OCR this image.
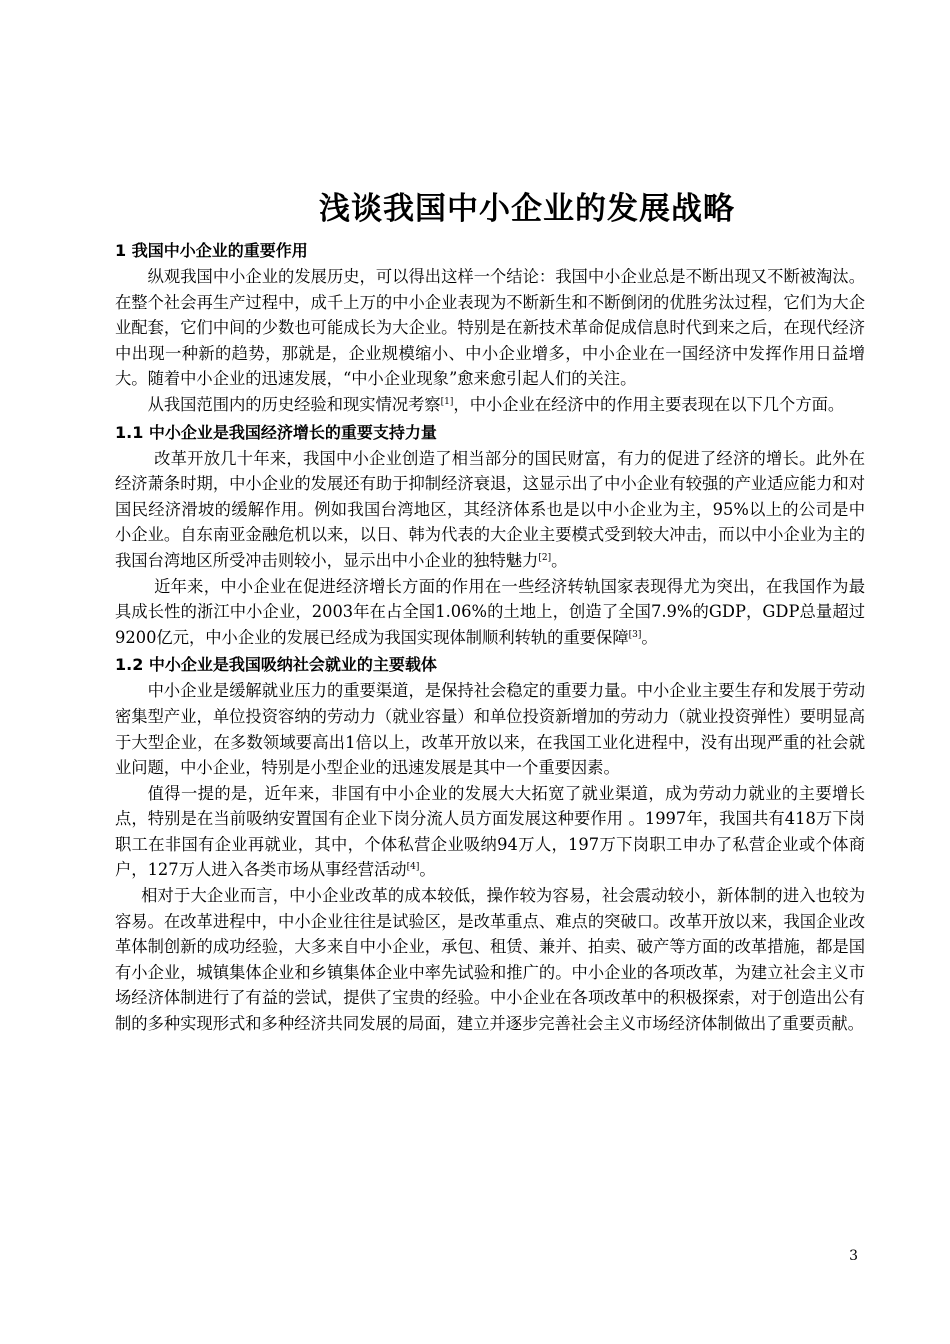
浅谈我国中小企业的发展战略
1 我国中小企业的重要作用

纵观我国中小企业的发展历史，可以得出这样一个结论：我国中小企业总是不断出现又不断被淘汰。在整个社会再生产过程中，成千上万的中小企业表现为不断新生和不断倒闭的优胜劣汰过程，它们为大企业配套，它们中间的少数也可能成长为大企业。特别是在新技术革命促成信息时代到来之后，在现代经济中出现一种新的趋势，那就是，企业规模缩小、中小企业增多，中小企业在一国经济中发挥作用日益增大。随着中小企业的迅速发展，“中小企业现象”愈来愈引起人们的关注。

从我国范围内的历史经验和现实情况考察[1]，中小企业在经济中的作用主要表现在以下几个方面。

1.1 中小企业是我国经济增长的重要支持力量

改革开放几十年来，我国中小企业创造了相当部分的国民财富，有力的促进了经济的增长。此外在经济萧条时期，中小企业的发展还有助于抑制经济衰退，这显示出了中小企业有较强的产业适应能力和对国民经济滑坡的缓解作用。例如我国台湾地区，其经济体系也是以中小企业为主，95%以上的公司是中小企业。自东南亚金融危机以来，以日、韩为代表的大企业主要模式受到较大冲击，而以中小企业为主的我国台湾地区所受冲击则较小，显示出中小企业的独特魅力[2]。

近年来，中小企业在促进经济增长方面的作用在一些经济转轨国家表现得尤为突出，在我国作为最具成长性的浙江中小企业，2003年在占全国1.06%的土地上，创造了全国7.9%的GDP，GDP总量超过9200亿元，中小企业的发展已经成为我国实现体制顺利转轨的重要保障[3]。

1.2 中小企业是我国吸纳社会就业的主要载体

中小企业是缓解就业压力的重要渠道，是保持社会稳定的重要力量。中小企业主要生存和发展于劳动密集型产业，单位投资容纳的劳动力（就业容量）和单位投资新增加的劳动力（就业投资弹性）要明显高于大型企业，在多数领域要高出1倍以上，改革开放以来，在我国工业化进程中，没有出现严重的社会就业问题，中小企业，特别是小型企业的迅速发展是其中一个重要因素。

值得一提的是，近年来，非国有中小企业的发展大大拓宽了就业渠道，成为劳动力就业的主要增长点，特别是在当前吸纳安置国有企业下岗分流人员方面发展这种要作用 。1997年，我国共有418万下岗职工在非国有企业再就业，其中，个体私营企业吸纳94万人，197万下岗职工申办了私营企业或个体商户，127万人进入各类市场从事经营活动[4]。

相对于大企业而言，中小企业改革的成本较低，操作较为容易，社会震动较小，新体制的进入也较为容易。在改革进程中，中小企业往往是试验区，是改革重点、难点的突破口。改革开放以来，我国企业改革体制创新的成功经验，大多来自中小企业，承包、租赁、兼并、拍卖、破产等方面的改革措施，都是国有小企业，城镇集体企业和乡镇集体企业中率先试验和推广的。中小企业的各项改革，为建立社会主义市场经济体制进行了有益的尝试，提供了宝贵的经验。中小企业在各项改革中的积极探索，对于创造出公有制的多种实现形式和多种经济共同发展的局面，建立并逐步完善社会主义市场经济体制做出了重要贡献。

3
